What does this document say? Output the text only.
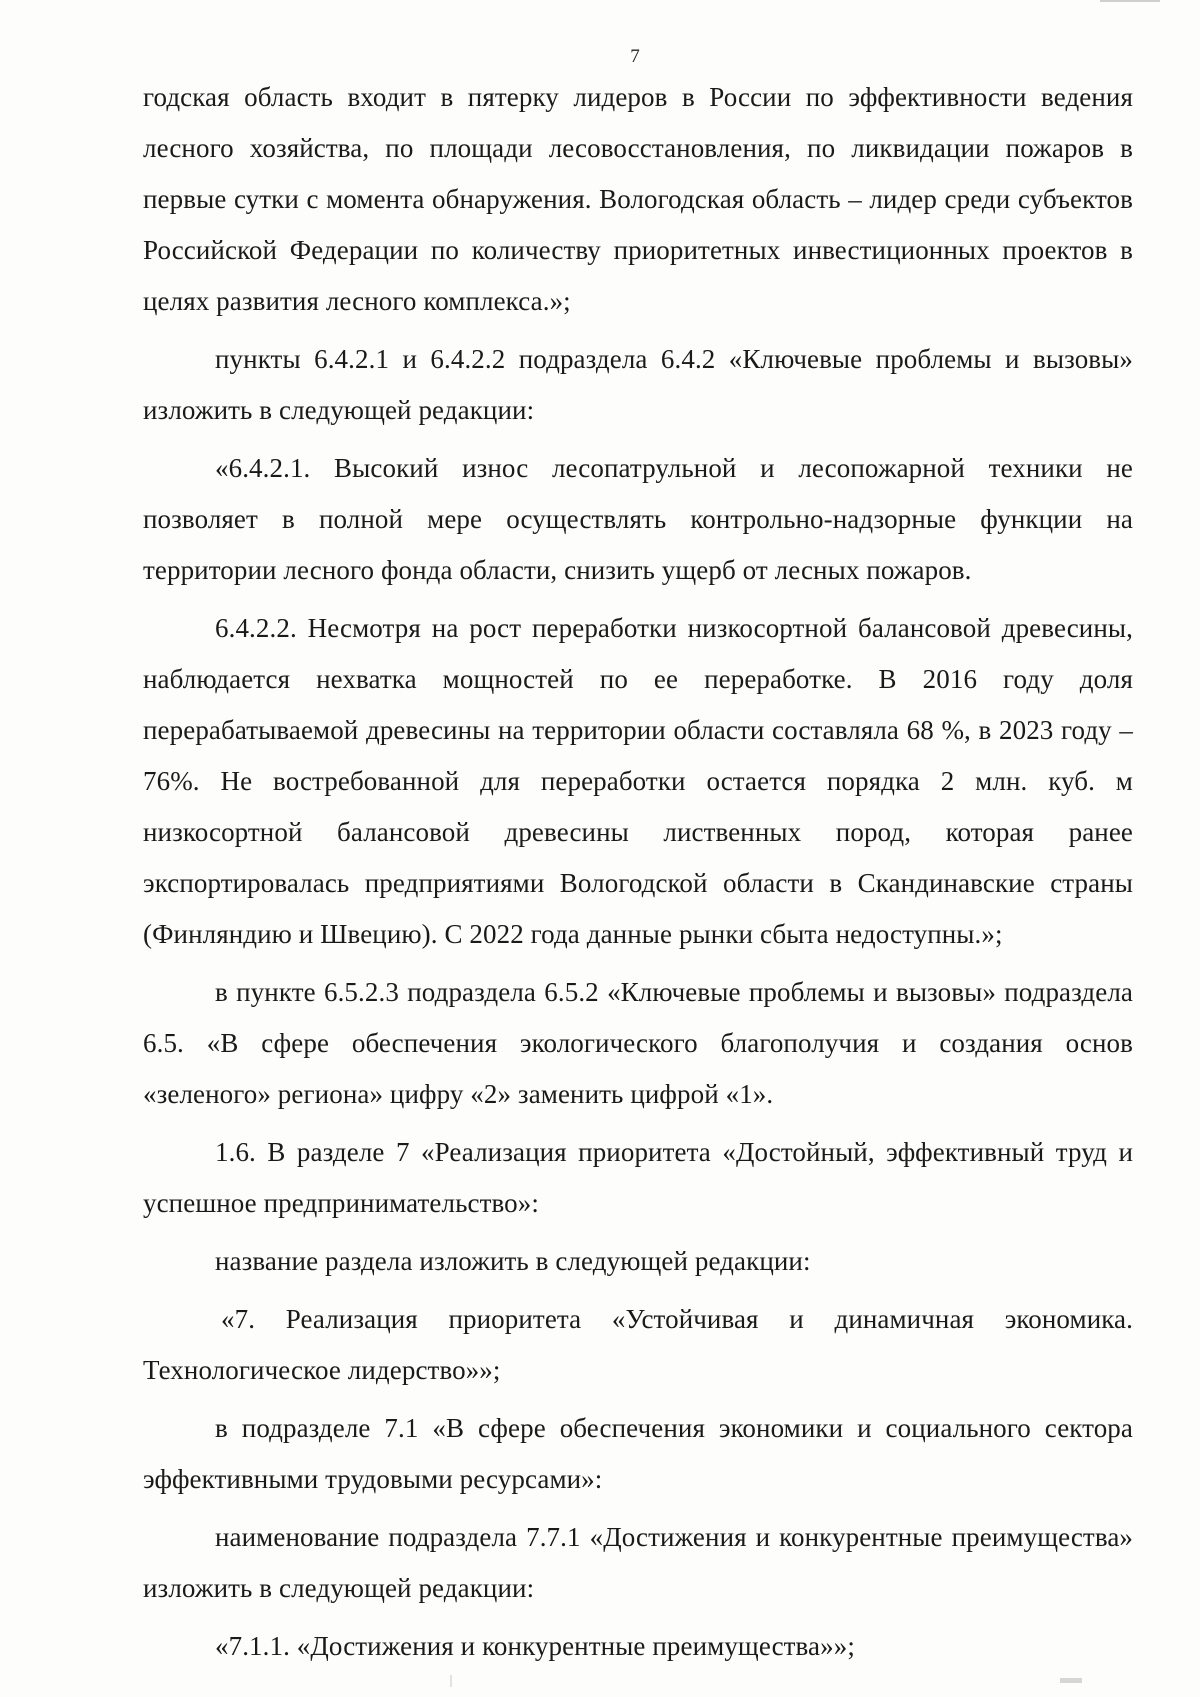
7

годская область входит в пятерку лидеров в России по эффективности ведения лесного хозяйства, по площади лесовосстановления, по ликвидации пожаров в первые сутки с момента обнаружения. Вологодская область – лидер среди субъектов Российской Федерации по количеству приоритетных инвестиционных проектов в целях развития лесного комплекса.»;

пункты 6.4.2.1 и 6.4.2.2 подраздела 6.4.2 «Ключевые проблемы и вызовы» изложить в следующей редакции:

«6.4.2.1. Высокий износ лесопатрульной и лесопожарной техники не позволяет в полной мере осуществлять контрольно-надзорные функции на территории лесного фонда области, снизить ущерб от лесных пожаров.

6.4.2.2. Несмотря на рост переработки низкосортной балансовой древесины, наблюдается нехватка мощностей по ее переработке. В 2016 году доля перерабатываемой древесины на территории области составляла 68 %, в 2023 году – 76%. Не востребованной для переработки остается порядка 2 млн. куб. м низкосортной балансовой древесины лиственных пород, которая ранее экспортировалась предприятиями Вологодской области в Скандинавские страны (Финляндию и Швецию). С 2022 года данные рынки сбыта недоступны.»;

в пункте 6.5.2.3 подраздела 6.5.2 «Ключевые проблемы и вызовы» подраздела 6.5. «В сфере обеспечения экологического благополучия и создания основ «зеленого» региона» цифру «2» заменить цифрой «1».

1.6. В разделе 7 «Реализация приоритета «Достойный, эффективный труд и успешное предпринимательство»:

название раздела изложить в следующей редакции:

«7. Реализация приоритета «Устойчивая и динамичная экономика. Технологическое лидерство»»;

в подразделе 7.1 «В сфере обеспечения экономики и социального сектора эффективными трудовыми ресурсами»:

наименование подраздела 7.7.1 «Достижения и конкурентные преимущества» изложить в следующей редакции:

«7.1.1. «Достижения и конкурентные преимущества»»;
